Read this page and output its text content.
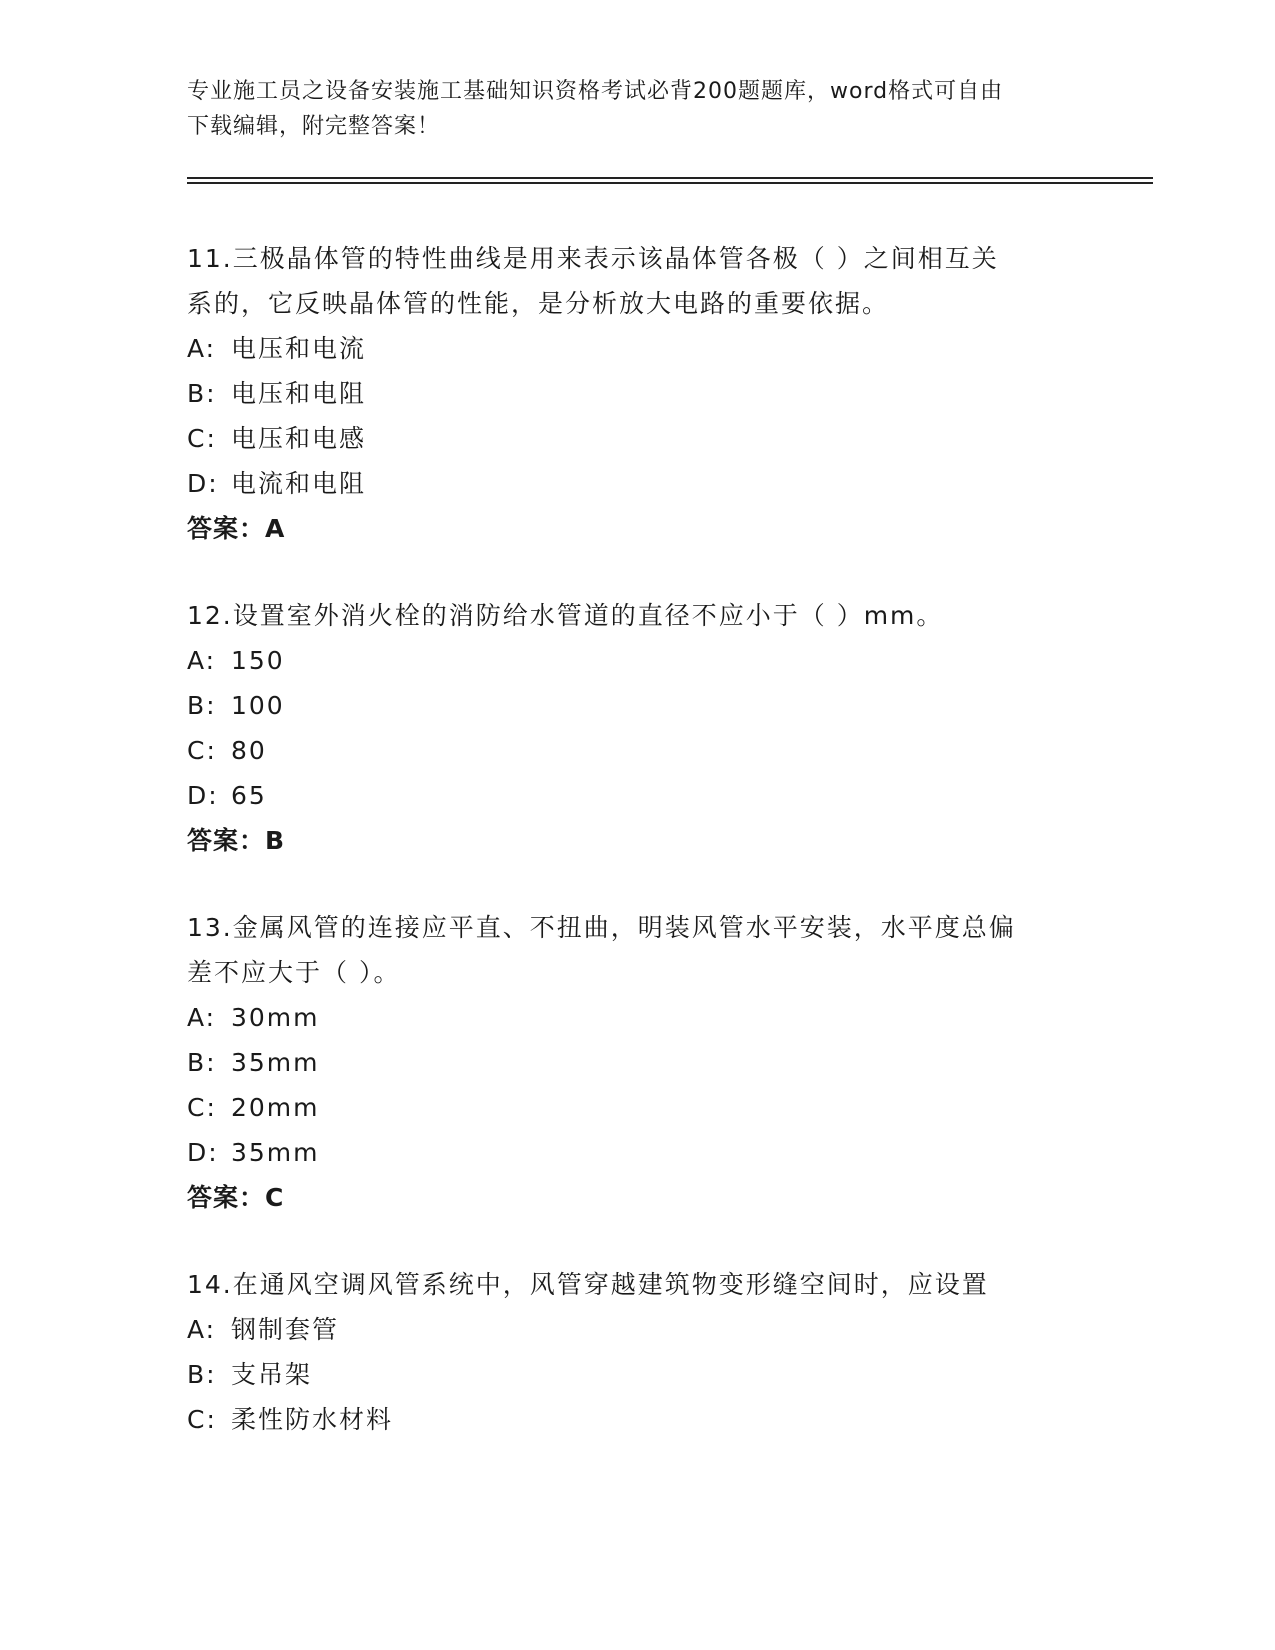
专业施工员之设备安装施工基础知识资格考试必背200题题库，word格式可自由
下载编辑，附完整答案！

11.三极晶体管的特性曲线是用来表示该晶体管各极（ ）之间相互关
系的，它反映晶体管的性能，是分析放大电路的重要依据。

A: 电压和电流
B: 电压和电阻
C: 电压和电感
D: 电流和电阻
答案：A

12.设置室外消火栓的消防给水管道的直径不应小于（ ）mm。

A: 150
B: 100
C: 80
D: 65
答案：B

13.金属风管的连接应平直、不扭曲，明装风管水平安装，水平度总偏
差不应大于（ ）。

A: 30mm
B: 35mm
C: 20mm
D: 35mm
答案：C

14.在通风空调风管系统中，风管穿越建筑物变形缝空间时，应设置

A: 钢制套管
B: 支吊架
C: 柔性防水材料
